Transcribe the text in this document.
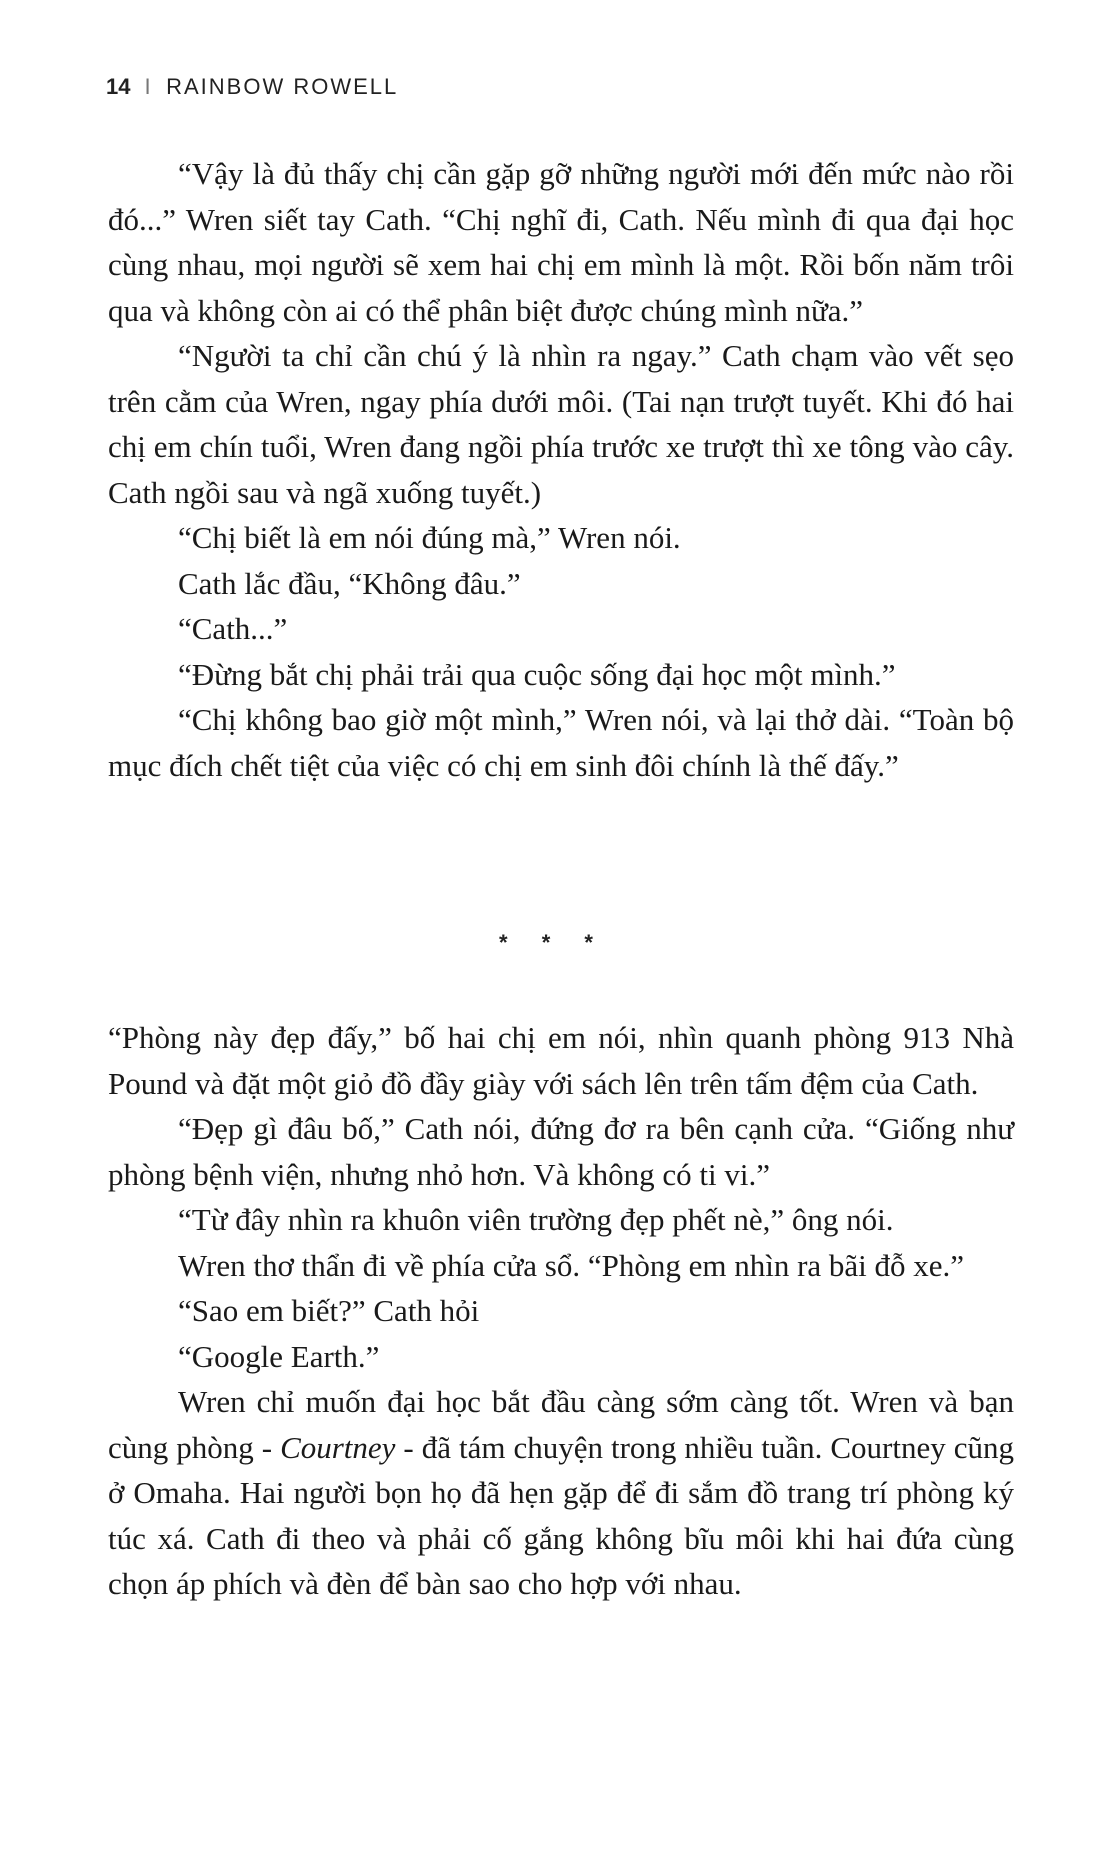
14 I RAINBOW ROWELL

“Vậy là đủ thấy chị cần gặp gỡ những người mới đến mức nào rồi đó...” Wren siết tay Cath. “Chị nghĩ đi, Cath. Nếu mình đi qua đại học cùng nhau, mọi người sẽ xem hai chị em mình là một. Rồi bốn năm trôi qua và không còn ai có thể phân biệt được chúng mình nữa.”

“Người ta chỉ cần chú ý là nhìn ra ngay.” Cath chạm vào vết sẹo trên cằm của Wren, ngay phía dưới môi. (Tai nạn trượt tuyết. Khi đó hai chị em chín tuổi, Wren đang ngồi phía trước xe trượt thì xe tông vào cây. Cath ngồi sau và ngã xuống tuyết.)

“Chị biết là em nói đúng mà,” Wren nói.

Cath lắc đầu, “Không đâu.”

“Cath...”

“Đừng bắt chị phải trải qua cuộc sống đại học một mình.”

“Chị không bao giờ một mình,” Wren nói, và lại thở dài. “Toàn bộ mục đích chết tiệt của việc có chị em sinh đôi chính là thế đấy.”

* * *

“Phòng này đẹp đấy,” bố hai chị em nói, nhìn quanh phòng 913 Nhà Pound và đặt một giỏ đồ đầy giày với sách lên trên tấm đệm của Cath.

“Đẹp gì đâu bố,” Cath nói, đứng đơ ra bên cạnh cửa. “Giống như phòng bệnh viện, nhưng nhỏ hơn. Và không có ti vi.”

“Từ đây nhìn ra khuôn viên trường đẹp phết nè,” ông nói.

Wren thơ thẩn đi về phía cửa sổ. “Phòng em nhìn ra bãi đỗ xe.”

“Sao em biết?” Cath hỏi

“Google Earth.”

Wren chỉ muốn đại học bắt đầu càng sớm càng tốt. Wren và bạn cùng phòng - Courtney - đã tám chuyện trong nhiều tuần. Courtney cũng ở Omaha. Hai người bọn họ đã hẹn gặp để đi sắm đồ trang trí phòng ký túc xá. Cath đi theo và phải cố gắng không bĩu môi khi hai đứa cùng chọn áp phích và đèn để bàn sao cho hợp với nhau.
